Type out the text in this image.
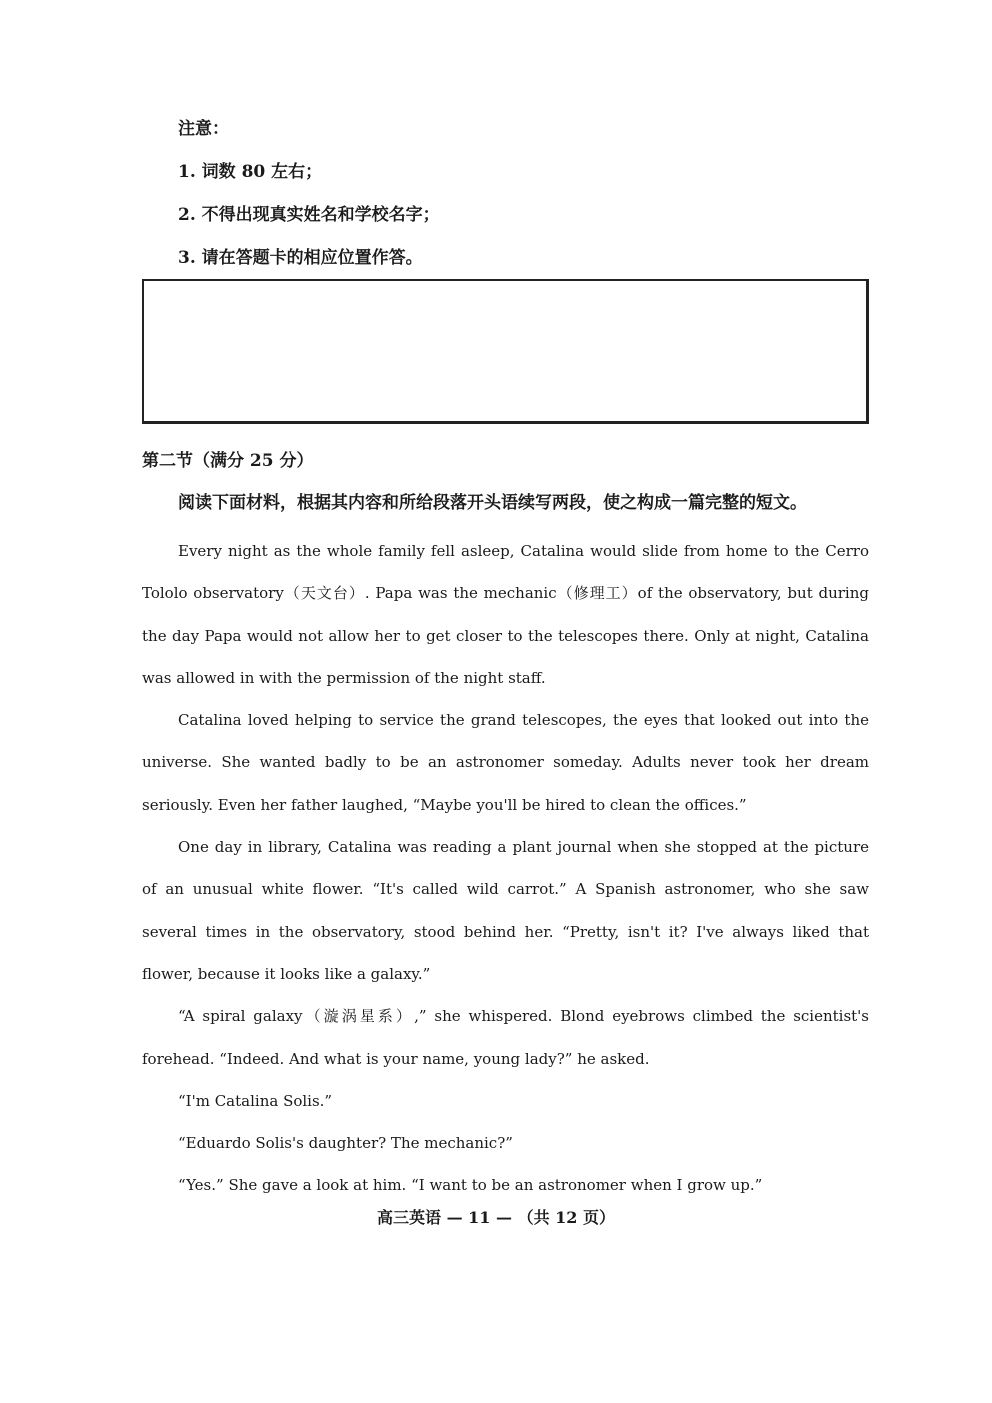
注意：
1. 词数 80 左右；
2. 不得出现真实姓名和学校名字；
3. 请在答题卡的相应位置作答。
第二节（满分 25 分）
阅读下面材料，根据其内容和所给段落开头语续写两段，使之构成一篇完整的短文。

Every night as the whole family fell asleep, Catalina would slide from home to the Cerro Tololo observatory（天文台）. Papa was the mechanic（修理工）of the observatory, but during the day Papa would not allow her to get closer to the telescopes there. Only at night, Catalina was allowed in with the permission of the night staff.

Catalina loved helping to service the grand telescopes, the eyes that looked out into the universe. She wanted badly to be an astronomer someday. Adults never took her dream seriously. Even her father laughed, “Maybe you'll be hired to clean the offices.”

One day in library, Catalina was reading a plant journal when she stopped at the picture of an unusual white flower. “It's called wild carrot.” A Spanish astronomer, who she saw several times in the observatory, stood behind her. “Pretty, isn't it? I've always liked that flower, because it looks like a galaxy.”

“A spiral galaxy（漩涡星系）,” she whispered. Blond eyebrows climbed the scientist's forehead. “Indeed. And what is your name, young lady?” he asked.

“I'm Catalina Solis.”

“Eduardo Solis's daughter? The mechanic?”

“Yes.” She gave a look at him. “I want to be an astronomer when I grow up.”

高三英语 — 11 — （共 12 页）
